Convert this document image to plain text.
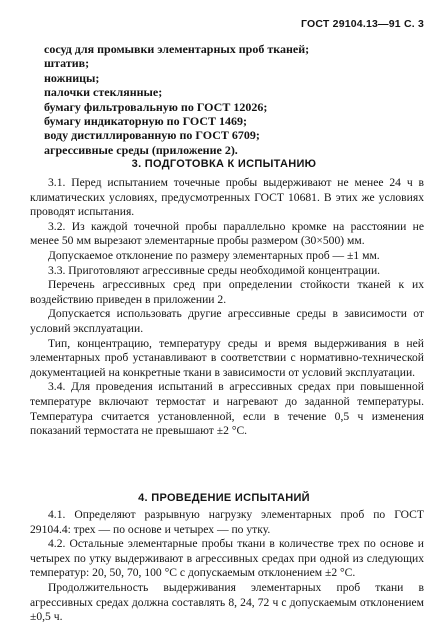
ГОСТ 29104.13—91 С. 3
сосуд для промывки элементарных проб тканей;
штатив;
ножницы;
палочки стеклянные;
бумагу фильтровальную по ГОСТ 12026;
бумагу индикаторную по ГОСТ 1469;
воду дистиллированную по ГОСТ 6709;
агрессивные среды (приложение 2).
3. ПОДГОТОВКА К ИСПЫТАНИЮ

3.1. Перед испытанием точечные пробы выдерживают не менее 24 ч в климатических условиях, предусмотренных ГОСТ 10681. В этих же условиях проводят испытания.

3.2. Из каждой точечной пробы параллельно кромке на расстоянии не менее 50 мм вырезают элементарные пробы размером (30×500) мм.

Допускаемое отклонение по размеру элементарных проб — ±1 мм.

3.3. Приготовляют агрессивные среды необходимой концентрации.

Перечень агрессивных сред при определении стойкости тканей к их воздействию приведен в приложении 2.

Допускается использовать другие агрессивные среды в зависимости от условий эксплуатации.

Тип, концентрацию, температуру среды и время выдерживания в ней элементарных проб устанавливают в соответствии с нормативно-технической документацией на конкретные ткани в зависимости от условий эксплуатации.

3.4. Для проведения испытаний в агрессивных средах при повышенной температуре включают термостат и нагревают до заданной температуры. Температура считается установленной, если в течение 0,5 ч изменения показаний термостата не превышают ±2 °С.

4. ПРОВЕДЕНИЕ ИСПЫТАНИЙ

4.1. Определяют разрывную нагрузку элементарных проб по ГОСТ 29104.4: трех — по основе и четырех — по утку.

4.2. Остальные элементарные пробы ткани в количестве трех по основе и четырех по утку выдерживают в агрессивных средах при одной из следующих температур: 20, 50, 70, 100 °С с допускаемым отклонением ±2 °С.

Продолжительность выдерживания элементарных проб ткани в агрессивных средах должна составлять 8, 24, 72 ч с допускаемым отклонением ±0,5 ч.
